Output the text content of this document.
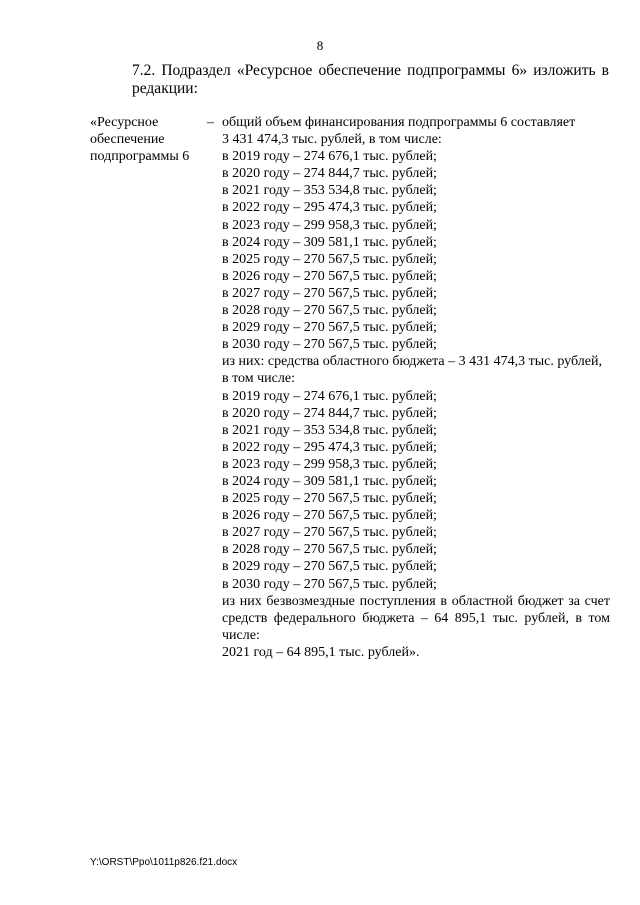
8
7.2. Подраздел «Ресурсное обеспечение подпрограммы 6» изложить в редакции:
«Ресурсное обеспечение подпрограммы 6
– общий объем финансирования подпрограммы 6 составляет
3 431 474,3 тыс. рублей, в том числе:
в 2019 году – 274 676,1 тыс. рублей;
в 2020 году – 274 844,7 тыс. рублей;
в 2021 году – 353 534,8 тыс. рублей;
в 2022 году – 295 474,3 тыс. рублей;
в 2023 году – 299 958,3 тыс. рублей;
в 2024 году – 309 581,1 тыс. рублей;
в 2025 году – 270 567,5 тыс. рублей;
в 2026 году – 270 567,5 тыс. рублей;
в 2027 году – 270 567,5 тыс. рублей;
в 2028 году – 270 567,5 тыс. рублей;
в 2029 году – 270 567,5 тыс. рублей;
в 2030 году – 270 567,5 тыс. рублей;
из них: средства областного бюджета – 3 431 474,3 тыс. рублей,
в том числе:
в 2019 году – 274 676,1 тыс. рублей;
в 2020 году – 274 844,7 тыс. рублей;
в 2021 году – 353 534,8 тыс. рублей;
в 2022 году – 295 474,3 тыс. рублей;
в 2023 году – 299 958,3 тыс. рублей;
в 2024 году – 309 581,1 тыс. рублей;
в 2025 году – 270 567,5 тыс. рублей;
в 2026 году – 270 567,5 тыс. рублей;
в 2027 году – 270 567,5 тыс. рублей;
в 2028 году – 270 567,5 тыс. рублей;
в 2029 году – 270 567,5 тыс. рублей;
в 2030 году – 270 567,5 тыс. рублей;
из них безвозмездные поступления в областной бюджет за счет средств федерального бюджета – 64 895,1 тыс. рублей, в том числе:
2021 год – 64 895,1 тыс. рублей».
Y:\ORST\Ppo\1011p826.f21.docx
